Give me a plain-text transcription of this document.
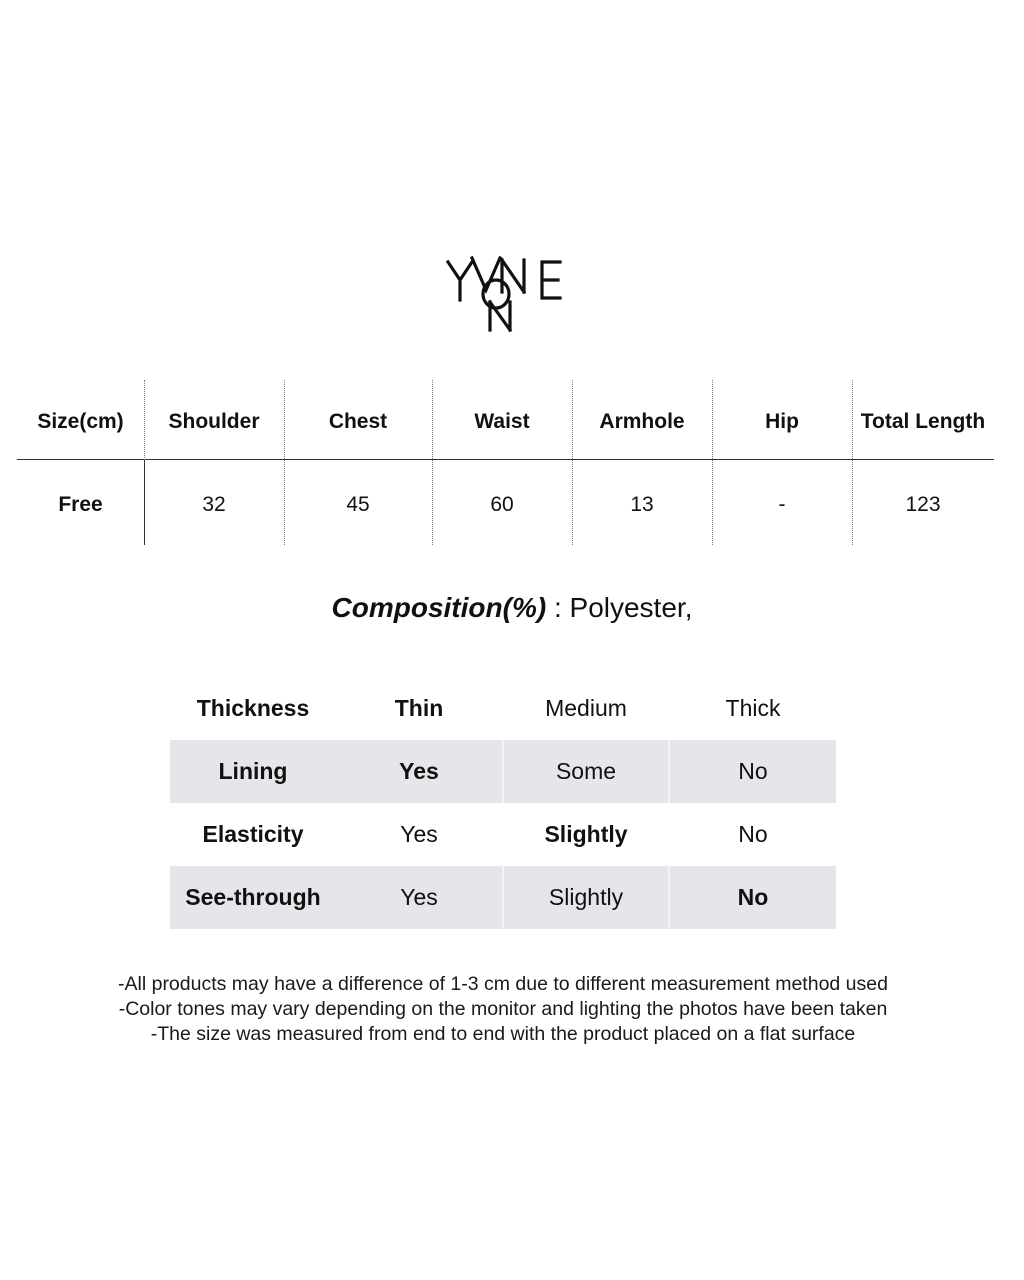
Size(cm)	Shoulder	Chest	Waist	Armhole	Hip	Total Length
Free	32	45	60	13	-	123
Composition(%) : Polyester,
Thickness	Thin	Medium	Thick
Lining	Yes	Some	No
Elasticity	Yes	Slightly	No
See-through	Yes	Slightly	No
-All products may have a difference of 1-3 cm due to different measurement method used
-Color tones may vary depending on the monitor and lighting the photos have been taken
-The size was measured from end to end with the product placed on a flat surface
